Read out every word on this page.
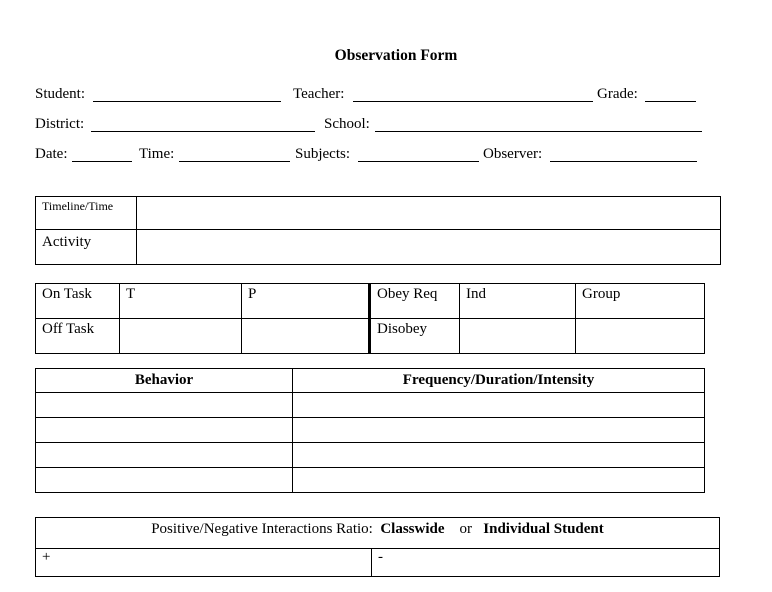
Observation Form
Student:	Teacher:	Grade:
District:	School:
Date:	Time:	Subjects:	Observer:
Timeline/Time	
Activity	
On Task	T	P	Obey Req	Ind	Group
Off Task			Disobey		
Behavior	Frequency/Duration/Intensity

Positive/Negative Interactions Ratio: Classwide or Individual Student
+	-
